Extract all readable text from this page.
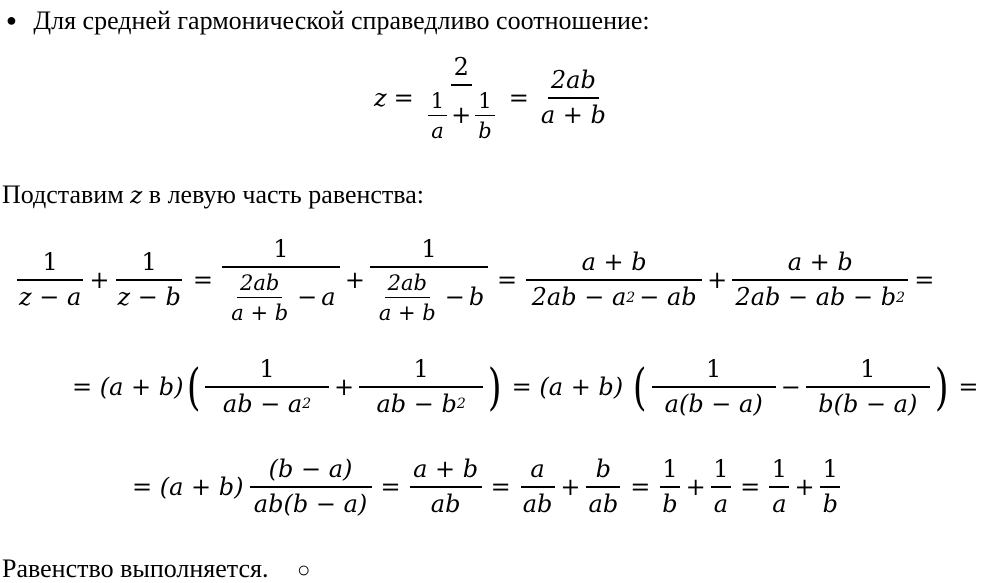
● Для средней гармонической справедливо соотношение:
$z = \frac{2}{\frac{1}{a} + \frac{1}{b}} = \frac{2ab}{a + b}$
Подставим z в левую часть равенства:
$\frac{1}{z - a} + \frac{1}{z - b} = \frac{1}{\frac{2ab}{a + b} - a} + \frac{1}{\frac{2ab}{a + b} - b} = \frac{a + b}{2ab - a 2 - ab} + \frac{a + b}{2ab - ab - b 2}$ =
= (a + b) ( $\frac{1}{ab - a 2} + \frac{1}{ab - b 2}$ ) = (a + b) ( $\frac{1}{a(b - a)} - \frac{1}{b(b - a)}$ ) =
= $(a + b) \frac{(b - a)}{ab(b - a)} = \frac{a + b}{ab} = \frac{a}{ab} + \frac{b}{ab} = \frac{1}{b} + \frac{1}{a} = \frac{1}{a} + \frac{1}{b}$
Равенство выполняется. ○
